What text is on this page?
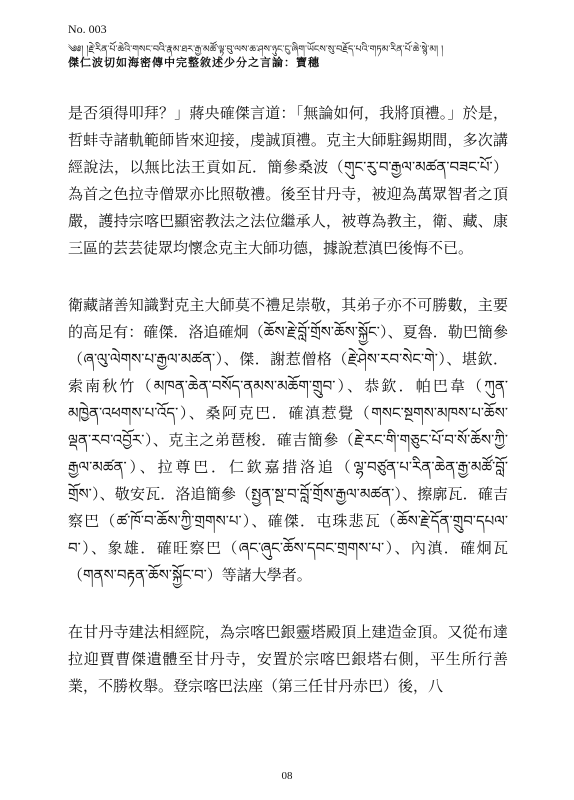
No. 003
༄༅། །རྗེ་རིན་པོ་ཆེའི་གསང་བའི་རྣམ་ཐར་རྒྱ་མཚོ་ལྟ་བུ་ལས་ཆ་ཤས་ཉུང་ངུ་ཞིག་ཡོངས་སུ་བརྗོད་པའི་གཏམ་རིན་པོ་ཆེ་སྙེ་མ། །
傑仁波切如海密傳中完整敘述少分之言論：寶穗

是否須得叩拜？」蔣央確傑言道：「無論如何，我將頂禮。」於是，哲蚌寺諸軌範師皆來迎接，虔誠頂禮。克主大師駐錫期間，多次講經說法，以無比法王貢如瓦．簡參桑波（གུང་རུ་བ་རྒྱལ་མཚན་བཟང་པོ་）為首之色拉寺僧眾亦比照敬禮。後至甘丹寺，被迎為萬眾智者之頂嚴，護持宗喀巴顯密教法之法位繼承人，被尊為教主，衛、藏、康三區的芸芸徒眾均懷念克主大師功德，據說惹滇巴後悔不已。

衛藏諸善知識對克主大師莫不禮足崇敬，其弟子亦不可勝數，主要的高足有：確傑．洛追確炯（ཆོས་རྗེ་བློ་གྲོས་ཆོས་སྐྱོང་）、夏魯．勒巴簡參（ཞ་ལུ་ལེགས་པ་རྒྱལ་མཚན་）、傑．謝惹僧格（རྗེ་ཤེས་རབ་སེང་གེ་）、堪欽．索南秋竹（མཁན་ཆེན་བསོད་ནམས་མཆོག་གྲུབ་）、恭欽．帕巴韋（ཀུན་མཁྱེན་འཕགས་པ་འོད་）、桑阿克巴．確滇惹覺（གསང་སྔགས་མཁས་པ་ཆོས་ལྡན་རབ་འབྱོར་）、克主之弟琶梭．確吉簡參（རྗེ་རང་གི་གཅུང་པོ་བ་སོ་ཆོས་ཀྱི་རྒྱལ་མཚན་）、拉尊巴．仁欽嘉措洛追（ལྷ་བཙུན་པ་རིན་ཆེན་རྒྱ་མཚོ་བློ་གྲོས་）、敬安瓦．洛追簡參（སྤྱན་སྔ་བ་བློ་གྲོས་རྒྱལ་མཚན་）、擦廓瓦．確吉察巴（ཚ་ཁོ་བ་ཆོས་ཀྱི་གྲགས་པ་）、確傑．屯珠悲瓦（ཆོས་རྗེ་དོན་གྲུབ་དཔལ་བ་）、象雄．確旺察巴（ཞང་ཞུང་ཆོས་དབང་གྲགས་པ་）、內滇．確炯瓦（གནས་བརྟན་ཆོས་སྐྱོང་བ་）等諸大學者。

在甘丹寺建法相經院，為宗喀巴銀靈塔殿頂上建造金頂。又從布達拉迎賈曹傑遺體至甘丹寺，安置於宗喀巴銀塔右側，平生所行善業，不勝枚舉。登宗喀巴法座（第三任甘丹赤巴）後，八

08
